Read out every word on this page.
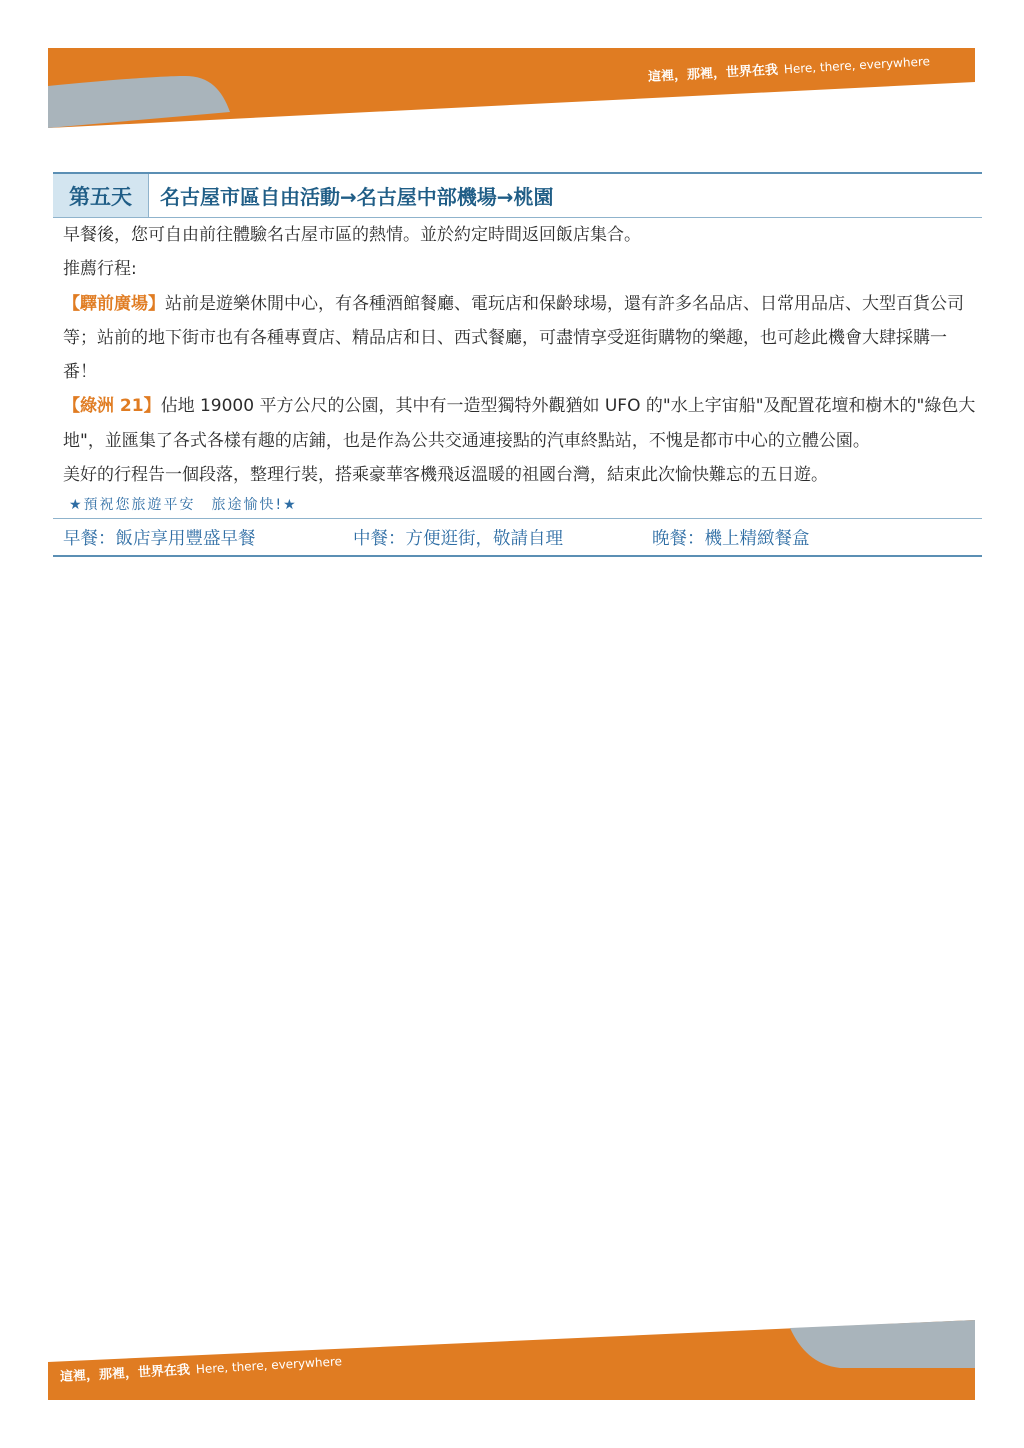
這裡，那裡，世界在我 Here, there, everywhere
第五天	名古屋市區自由活動→名古屋中部機場→桃園

早餐後，您可自由前往體驗名古屋市區的熱情。並於約定時間返回飯店集合。

推薦行程:

【驛前廣場】站前是遊樂休閒中心，有各種酒館餐廳、電玩店和保齡球場，還有許多名品店、日常用品店、大型百貨公司等；站前的地下街市也有各種專賣店、精品店和日、西式餐廳，可盡情享受逛街購物的樂趣，也可趁此機會大肆採購一番！

【綠洲 21】佔地 19000 平方公尺的公園，其中有一造型獨特外觀猶如 UFO 的"水上宇宙船"及配置花壇和樹木的"綠色大地"，並匯集了各式各樣有趣的店鋪，也是作為公共交通連接點的汽車終點站，不愧是都市中心的立體公園。

美好的行程告一個段落，整理行裝，搭乘豪華客機飛返溫暖的祖國台灣，結束此次愉快難忘的五日遊。

★預祝您旅遊平安　旅途愉快!★
早餐：飯店享用豐盛早餐	中餐：方便逛街，敬請自理	晚餐：機上精緻餐盒
這裡，那裡，世界在我 Here, there, everywhere
